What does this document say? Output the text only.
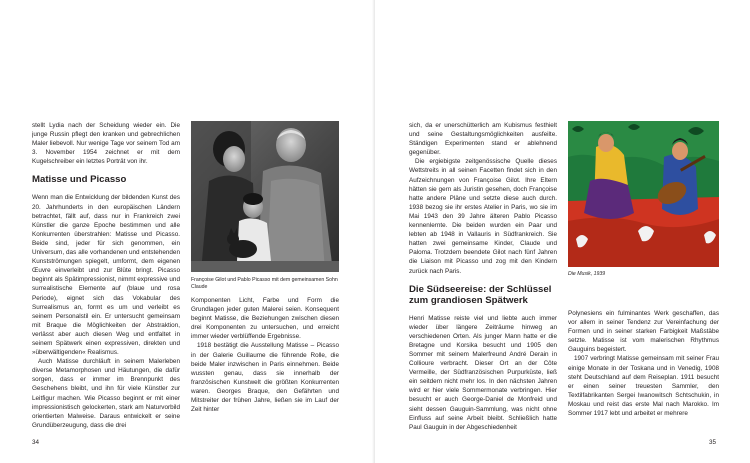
stellt Lydia nach der Scheidung wieder ein. Die junge Russin pflegt den kranken und gebrechlichen Maler liebevoll. Nur wenige Tage vor seinem Tod am 3. November 1954 zeichnet er mit dem Kugelschreiber ein letztes Porträt von ihr.

Matisse und Picasso

Wenn man die Entwicklung der bildenden Kunst des 20. Jahrhunderts in den europäischen Ländern betrachtet, fällt auf, dass nur in Frankreich zwei Künstler die ganze Epoche bestimmen und alle Konkurrenten überstrahlen: Matisse und Picasso. Beide sind, jeder für sich genommen, ein Universum, das alle vorhandenen und entstehenden Kunstströmungen spiegelt, umformt, dem eigenen Œuvre einverleibt und zur Blüte bringt. Picasso beginnt als Spätimpressionist, nimmt expressive und surrealistische Elemente auf (blaue und rosa Periode), eignet sich das Vokabular des Surrealismus an, formt es um und verleibt es seinem Personalstil ein. Er untersucht gemeinsam mit Braque die Möglichkeiten der Abstraktion, verlässt aber auch diesen Weg und entfaltet in seinem Spätwerk einen expressiven, direkten und »überwältigenden« Realismus.

Auch Matisse durchläuft in seinem Malerleben diverse Metamorphosen und Häutungen, die dafür sorgen, dass er immer im Brennpunkt des Geschehens bleibt, und ihn für viele Künstler zur Leitfigur machen. Wie Picasso beginnt er mit einer impressionistisch gelockerten, stark am Naturvorbild orientierten Malweise. Daraus entwickelt er seine Grundüberzeugung, dass die drei

Françoise Gilot und Pablo Picasso mit dem gemeinsamen Sohn Claude

Komponenten Licht, Farbe und Form die Grundlagen jeder guten Malerei seien. Konsequent beginnt Matisse, die Beziehungen zwischen diesen drei Komponenten zu untersuchen, und erreicht immer wieder verblüffende Ergebnisse.

1918 bestätigt die Ausstellung Matisse – Picasso in der Galerie Guillaume die führende Rolle, die beide Maler inzwischen in Paris einnehmen. Beide wussten genau, dass sie innerhalb der französischen Kunstwelt die größten Konkurrenten waren. Georges Braque, den Gefährten und Mitstreiter der frühen Jahre, ließen sie im Lauf der Zeit hinter

34

sich, da er unerschütterlich am Kubismus festhielt und seine Gestaltungsmöglichkeiten ausfeilte. Ständigen Experimenten stand er ablehnend gegenüber.

Die ergiebigste zeitgenössische Quelle dieses Wettstreits in all seinen Facetten findet sich in den Aufzeichnungen von Françoise Gilot. Ihre Eltern hätten sie gern als Juristin gesehen, doch Françoise hatte andere Pläne und setzte diese auch durch. 1938 bezog sie ihr erstes Atelier in Paris, wo sie im Mai 1943 den 39 Jahre älteren Pablo Picasso kennenlernte. Die beiden wurden ein Paar und lebten ab 1948 in Vallauris in Südfrankreich. Sie hatten zwei gemeinsame Kinder, Claude und Paloma. Trotzdem beendete Gilot nach fünf Jahren die Liaison mit Picasso und zog mit den Kindern zurück nach Paris.

Die Südseereise: der Schlüssel zum grandiosen Spätwerk

Henri Matisse reiste viel und liebte auch immer wieder über längere Zeiträume hinweg an verschiedenen Orten. Als junger Mann hatte er die Bretagne und Korsika besucht und 1905 den Sommer mit seinem Malerfreund André Derain in Collioure verbracht. Dieser Ort an der Côte Vermeille, der Südfranzösischen Purpurküste, ließ ein seitdem nicht mehr los. In den nächsten Jahren wird er hier viele Sommermonate verbringen. Hier besucht er auch George-Daniel de Monfreid und sieht dessen Gauguin-Sammlung, was nicht ohne Einfluss auf seine Arbeit bleibt. Schließlich hatte Paul Gauguin in der Abgeschiedenheit

Die Musik, 1939

Polynesiens ein fulminantes Werk geschaffen, das vor allem in seiner Tendenz zur Vereinfachung der Formen und in seiner starken Farbigkeit Maßstäbe setzte. Matisse ist vom malerischen Rhythmus Gauguins begeistert.

1907 verbringt Matisse gemeinsam mit seiner Frau einige Monate in der Toskana und in Venedig, 1908 steht Deutschland auf dem Reiseplan. 1911 besucht er einen seiner treuesten Sammler, den Textilfabrikanten Sergei Iwanowitsch Schtschukin, in Moskau und reist das erste Mal nach Marokko. Im Sommer 1917 lebt und arbeitet er mehrere

35
